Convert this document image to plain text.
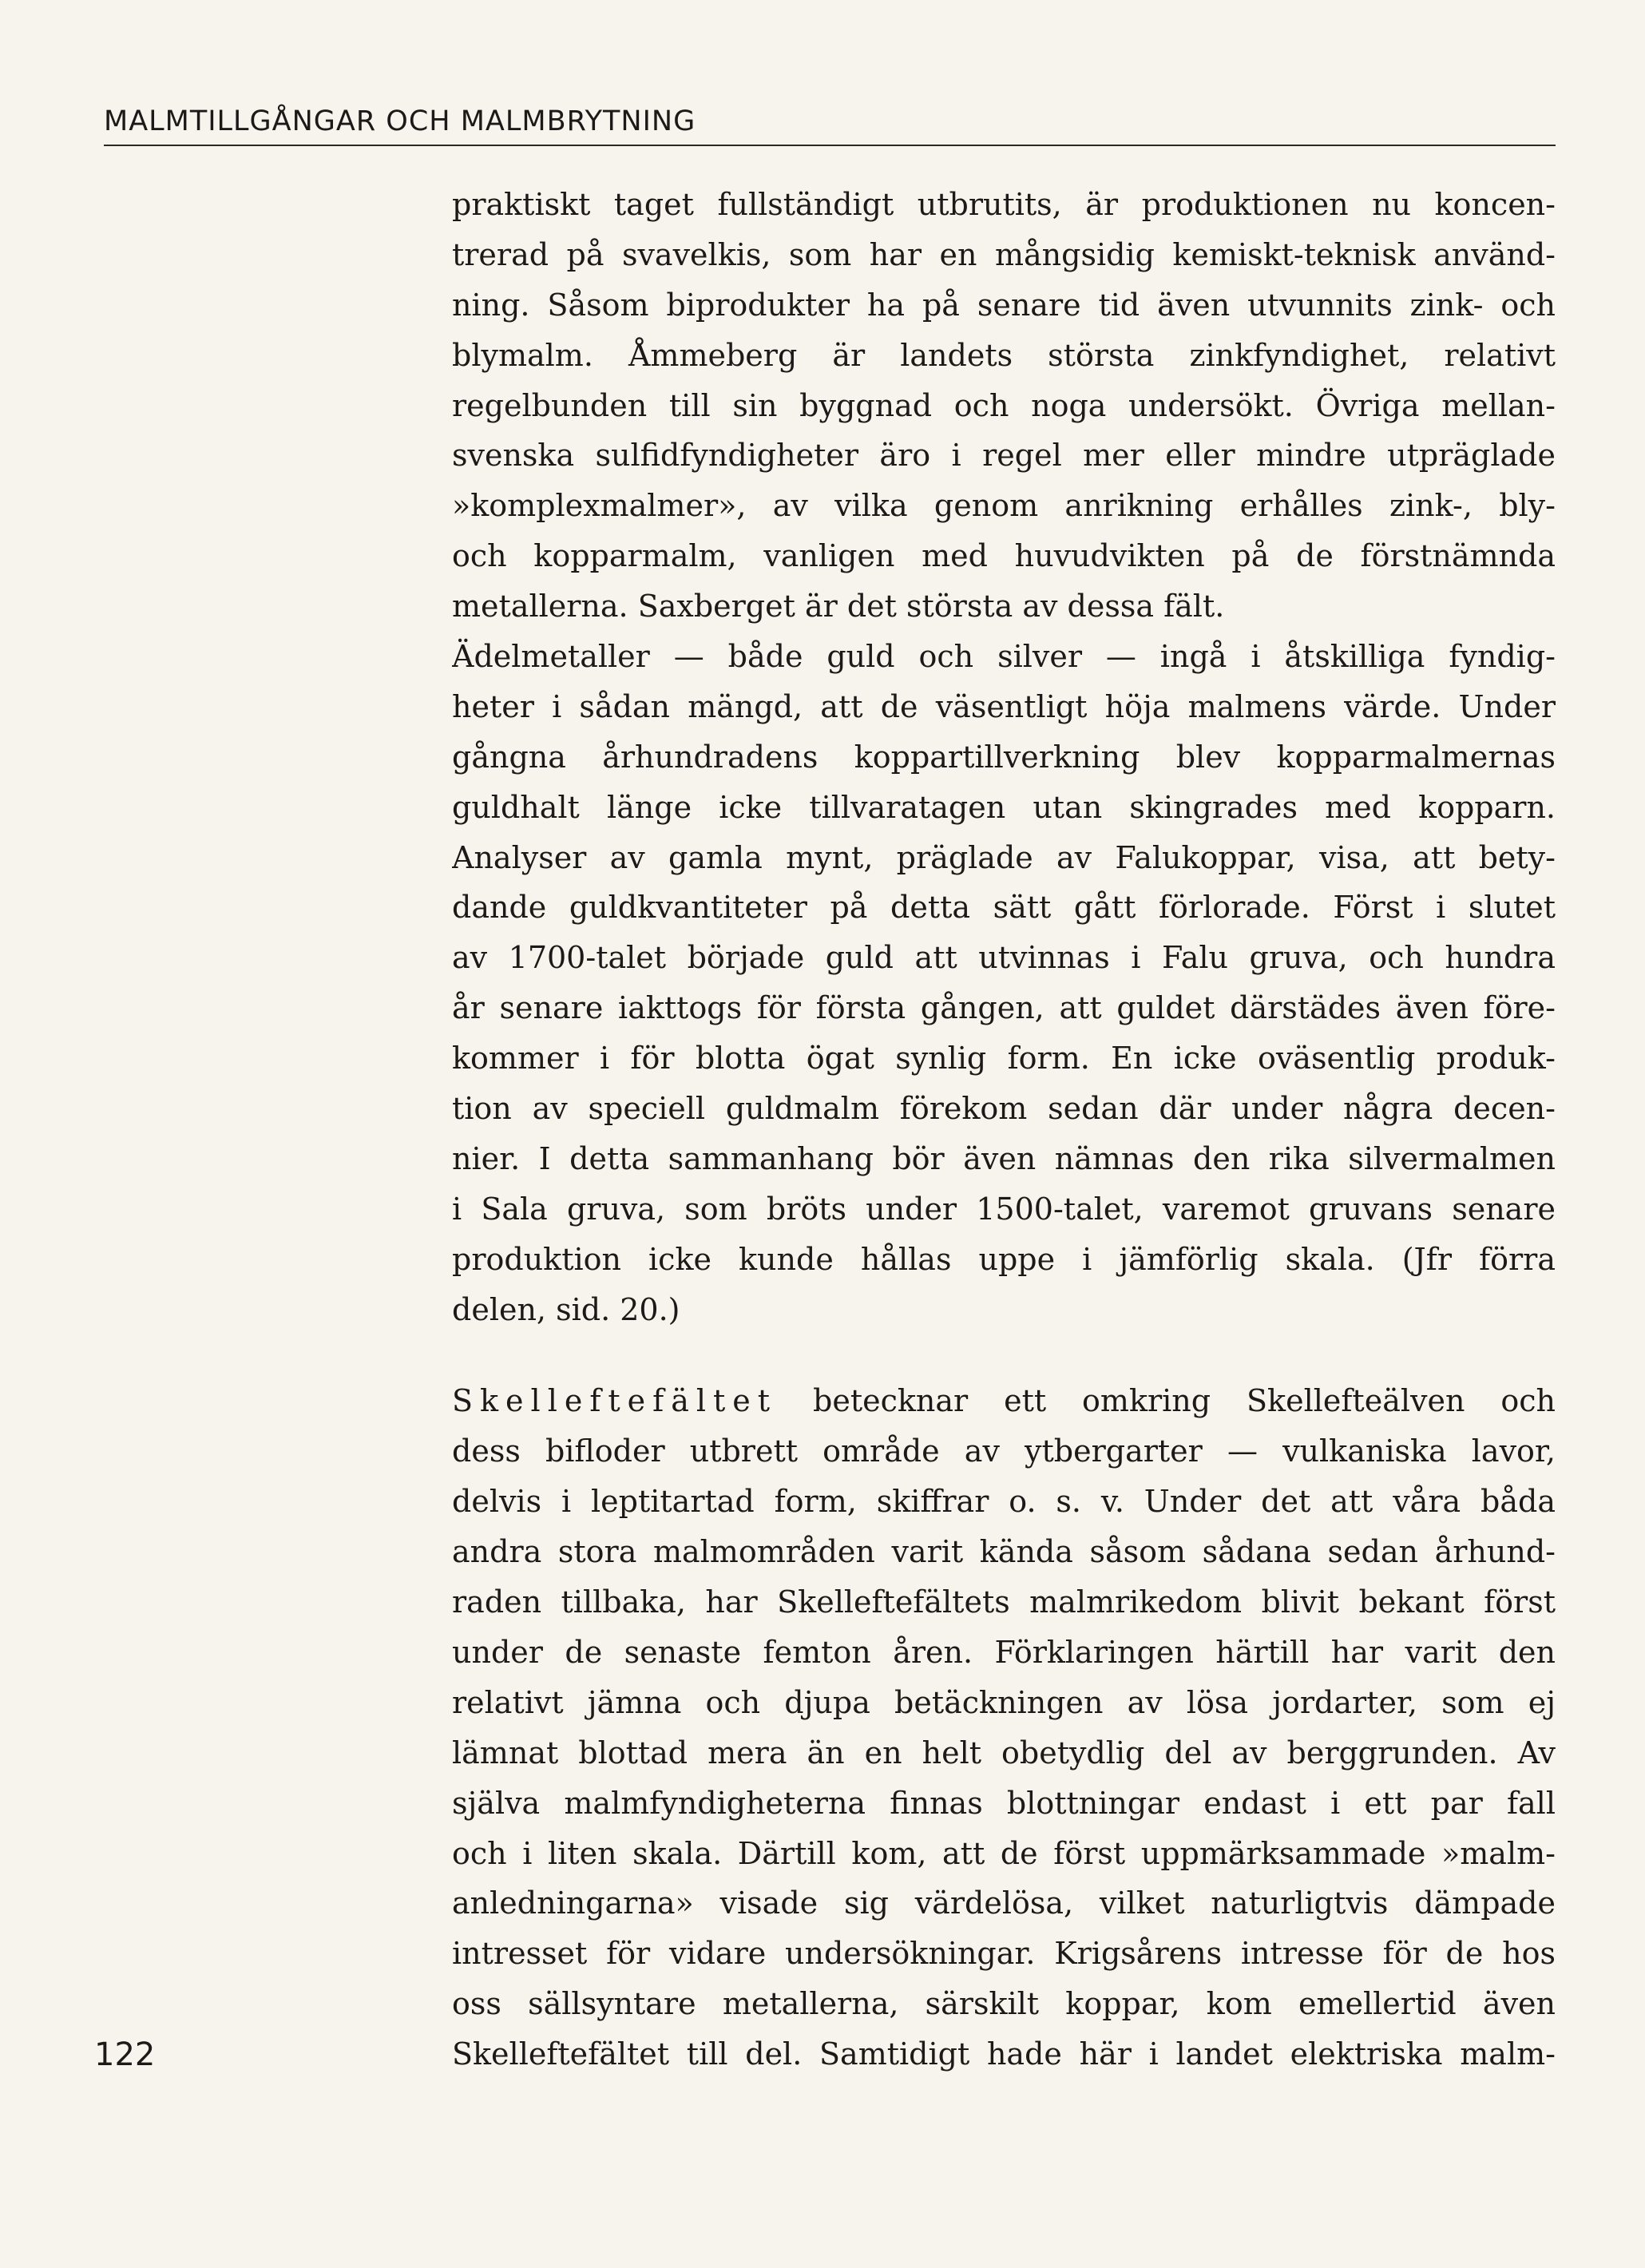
MALMTILLGÅNGAR OCH MALMBRYTNING
praktiskt taget fullständigt utbrutits, är produktionen nu koncen-
trerad på svavelkis, som har en mångsidig kemiskt-teknisk använd-
ning. Såsom biprodukter ha på senare tid även utvunnits zink- och
blymalm. Åmmeberg är landets största zinkfyndighet, relativt
regelbunden till sin byggnad och noga undersökt. Övriga mellan-
svenska sulfidfyndigheter äro i regel mer eller mindre utpräglade
»komplexmalmer», av vilka genom anrikning erhålles zink-, bly-
och kopparmalm, vanligen med huvudvikten på de förstnämnda
metallerna. Saxberget är det största av dessa fält.
Ädelmetaller — både guld och silver — ingå i åtskilliga fyndig-
heter i sådan mängd, att de väsentligt höja malmens värde. Under
gångna århundradens koppartillverkning blev kopparmalmernas
guldhalt länge icke tillvaratagen utan skingrades med kopparn.
Analyser av gamla mynt, präglade av Falukoppar, visa, att bety-
dande guldkvantiteter på detta sätt gått förlorade. Först i slutet
av 1700-talet började guld att utvinnas i Falu gruva, och hundra
år senare iakttogs för första gången, att guldet därstädes även före-
kommer i för blotta ögat synlig form. En icke oväsentlig produk-
tion av speciell guldmalm förekom sedan där under några decen-
nier. I detta sammanhang bör även nämnas den rika silvermalmen
i Sala gruva, som bröts under 1500-talet, varemot gruvans senare
produktion icke kunde hållas uppe i jämförlig skala. (Jfr förra
delen, sid. 20.)
Skelleftefältet betecknar ett omkring Skellefteälven och
dess bifloder utbrett område av ytbergarter — vulkaniska lavor,
delvis i leptitartad form, skiffrar o. s. v. Under det att våra båda
andra stora malmområden varit kända såsom sådana sedan århund-
raden tillbaka, har Skelleftefältets malmrikedom blivit bekant först
under de senaste femton åren. Förklaringen härtill har varit den
relativt jämna och djupa betäckningen av lösa jordarter, som ej
lämnat blottad mera än en helt obetydlig del av berggrunden. Av
själva malmfyndigheterna finnas blottningar endast i ett par fall
och i liten skala. Därtill kom, att de först uppmärksammade »malm-
anledningarna» visade sig värdelösa, vilket naturligtvis dämpade
intresset för vidare undersökningar. Krigsårens intresse för de hos
oss sällsyntare metallerna, särskilt koppar, kom emellertid även
Skelleftefältet till del. Samtidigt hade här i landet elektriska malm-
122
